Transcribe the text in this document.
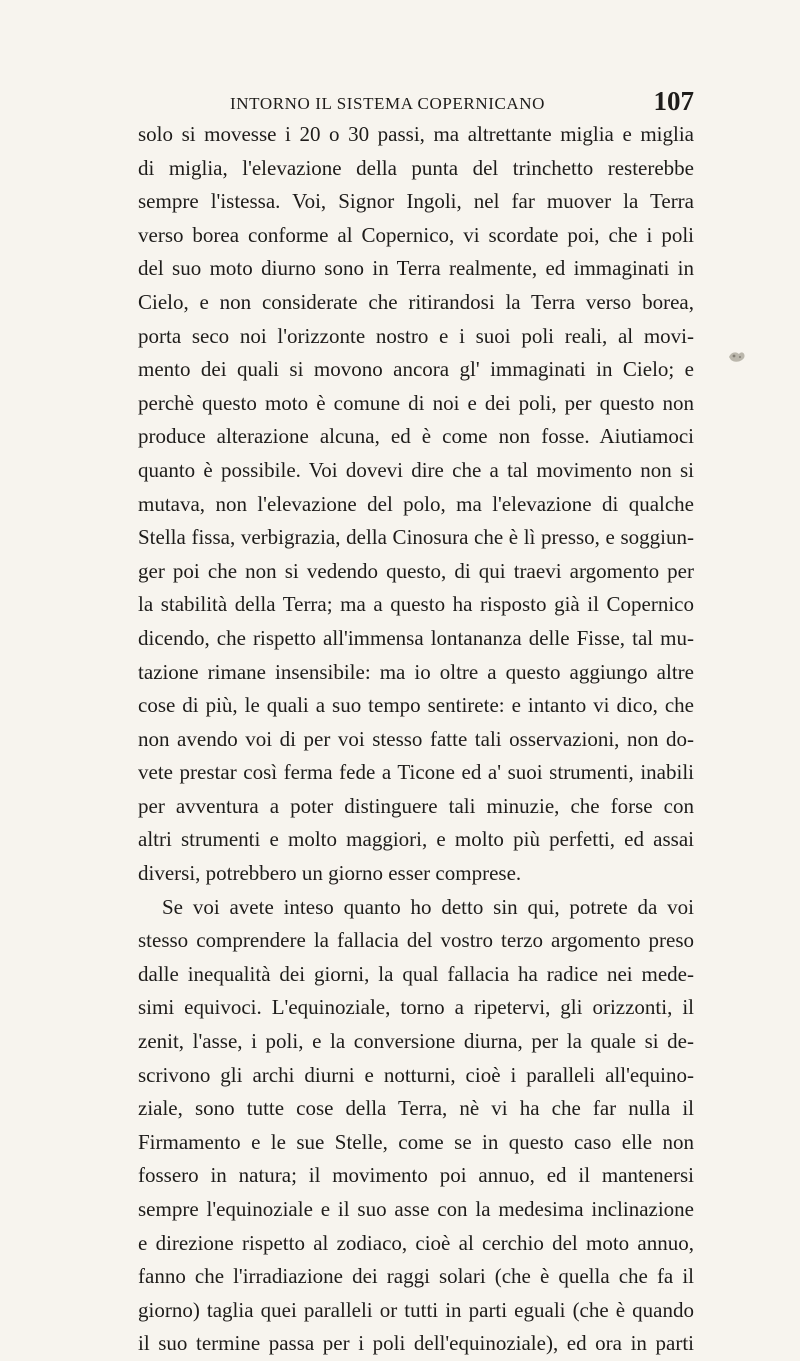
INTORNO IL SISTEMA COPERNICANO	107
solo si movesse i 20 o 30 passi, ma altrettante miglia e miglia
di miglia, l'elevazione della punta del trinchetto resterebbe
sempre l'istessa. Voi, Signor Ingoli, nel far muover la Terra
verso borea conforme al Copernico, vi scordate poi, che i poli
del suo moto diurno sono in Terra realmente, ed immaginati in
Cielo, e non considerate che ritirandosi la Terra verso borea,
porta seco noi l'orizzonte nostro e i suoi poli reali, al movi-
mento dei quali si movono ancora gl' immaginati in Cielo; e
perchè questo moto è comune di noi e dei poli, per questo non
produce alterazione alcuna, ed è come non fosse. Aiutiamoci
quanto è possibile. Voi dovevi dire che a tal movimento non si
mutava, non l'elevazione del polo, ma l'elevazione di qualche
Stella fissa, verbigrazia, della Cinosura che è lì presso, e soggiun-
ger poi che non si vedendo questo, di qui traevi argomento per
la stabilità della Terra; ma a questo ha risposto già il Copernico
dicendo, che rispetto all'immensa lontananza delle Fisse, tal mu-
tazione rimane insensibile: ma io oltre a questo aggiungo altre
cose di più, le quali a suo tempo sentirete: e intanto vi dico, che
non avendo voi di per voi stesso fatte tali osservazioni, non do-
vete prestar così ferma fede a Ticone ed a' suoi strumenti, inabili
per avventura a poter distinguere tali minuzie, che forse con
altri strumenti e molto maggiori, e molto più perfetti, ed assai
diversi, potrebbero un giorno esser comprese.
Se voi avete inteso quanto ho detto sin qui, potrete da voi
stesso comprendere la fallacia del vostro terzo argomento preso
dalle inequalità dei giorni, la qual fallacia ha radice nei mede-
simi equivoci. L'equinoziale, torno a ripetervi, gli orizzonti, il
zenit, l'asse, i poli, e la conversione diurna, per la quale si de-
scrivono gli archi diurni e notturni, cioè i paralleli all'equino-
ziale, sono tutte cose della Terra, nè vi ha che far nulla il
Firmamento e le sue Stelle, come se in questo caso elle non
fossero in natura; il movimento poi annuo, ed il mantenersi
sempre l'equinoziale e il suo asse con la medesima inclinazione
e direzione rispetto al zodiaco, cioè al cerchio del moto annuo,
fanno che l'irradiazione dei raggi solari (che è quella che fa il
giorno) taglia quei paralleli or tutti in parti eguali (che è quando
il suo termine passa per i poli dell'equinoziale), ed ora in parti
